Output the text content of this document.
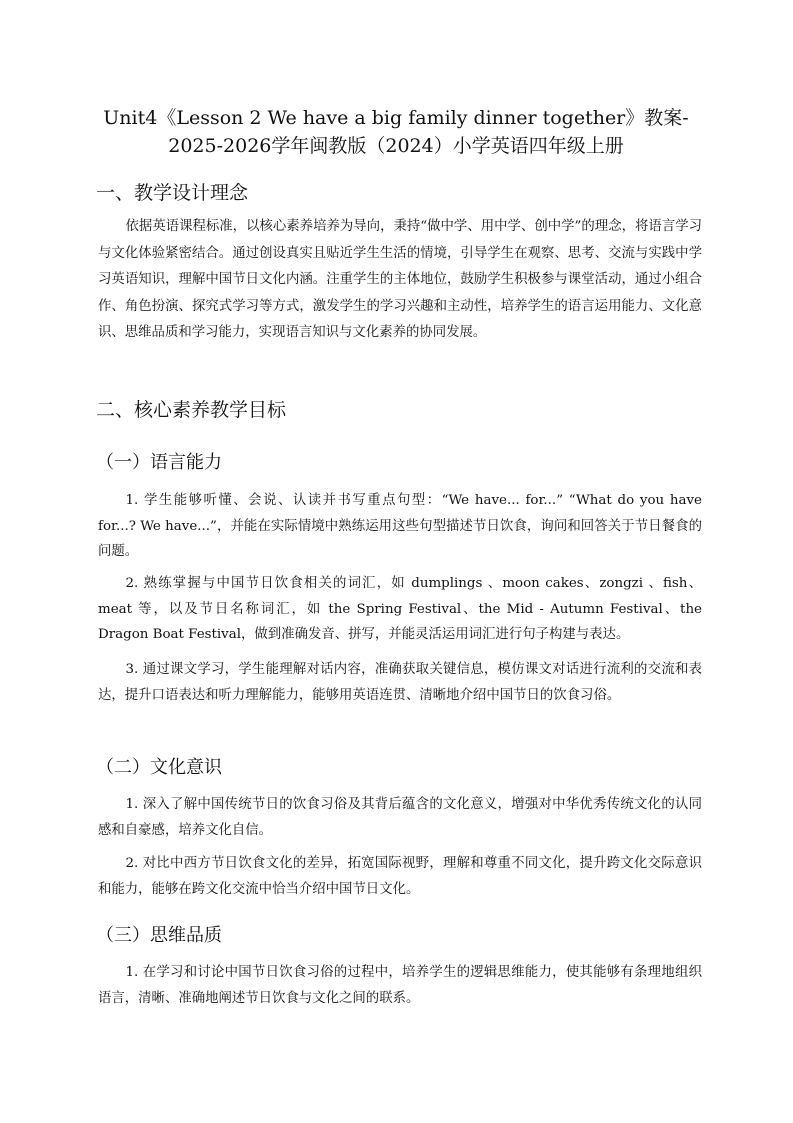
Unit4《Lesson 2 We have a big family dinner together》教案-
2025-2026学年闽教版（2024）小学英语四年级上册
一、教学设计理念

依据英语课程标准，以核心素养培养为导向，秉持“做中学、用中学、创中学”的理念，将语言学习与文化体验紧密结合。通过创设真实且贴近学生生活的情境，引导学生在观察、思考、交流与实践中学习英语知识，理解中国节日文化内涵。注重学生的主体地位，鼓励学生积极参与课堂活动，通过小组合作、角色扮演、探究式学习等方式，激发学生的学习兴趣和主动性，培养学生的语言运用能力、文化意识、思维品质和学习能力，实现语言知识与文化素养的协同发展。

二、核心素养教学目标
（一）语言能力

1. 学生能够听懂、会说、认读并书写重点句型：“We have... for...” “What do you have for...? We have...”，并能在实际情境中熟练运用这些句型描述节日饮食，询问和回答关于节日餐食的问题。

2. 熟练掌握与中国节日饮食相关的词汇，如 dumplings 、moon cakes、zongzi 、fish、meat 等，以及节日名称词汇，如 the Spring Festival、the Mid - Autumn Festival、the Dragon Boat Festival，做到准确发音、拼写，并能灵活运用词汇进行句子构建与表达。

3. 通过课文学习，学生能理解对话内容，准确获取关键信息，模仿课文对话进行流利的交流和表达，提升口语表达和听力理解能力，能够用英语连贯、清晰地介绍中国节日的饮食习俗。

（二）文化意识

1. 深入了解中国传统节日的饮食习俗及其背后蕴含的文化意义，增强对中华优秀传统文化的认同感和自豪感，培养文化自信。

2. 对比中西方节日饮食文化的差异，拓宽国际视野，理解和尊重不同文化，提升跨文化交际意识和能力，能够在跨文化交流中恰当介绍中国节日文化。

（三）思维品质

1. 在学习和讨论中国节日饮食习俗的过程中，培养学生的逻辑思维能力，使其能够有条理地组织语言，清晰、准确地阐述节日饮食与文化之间的联系。
